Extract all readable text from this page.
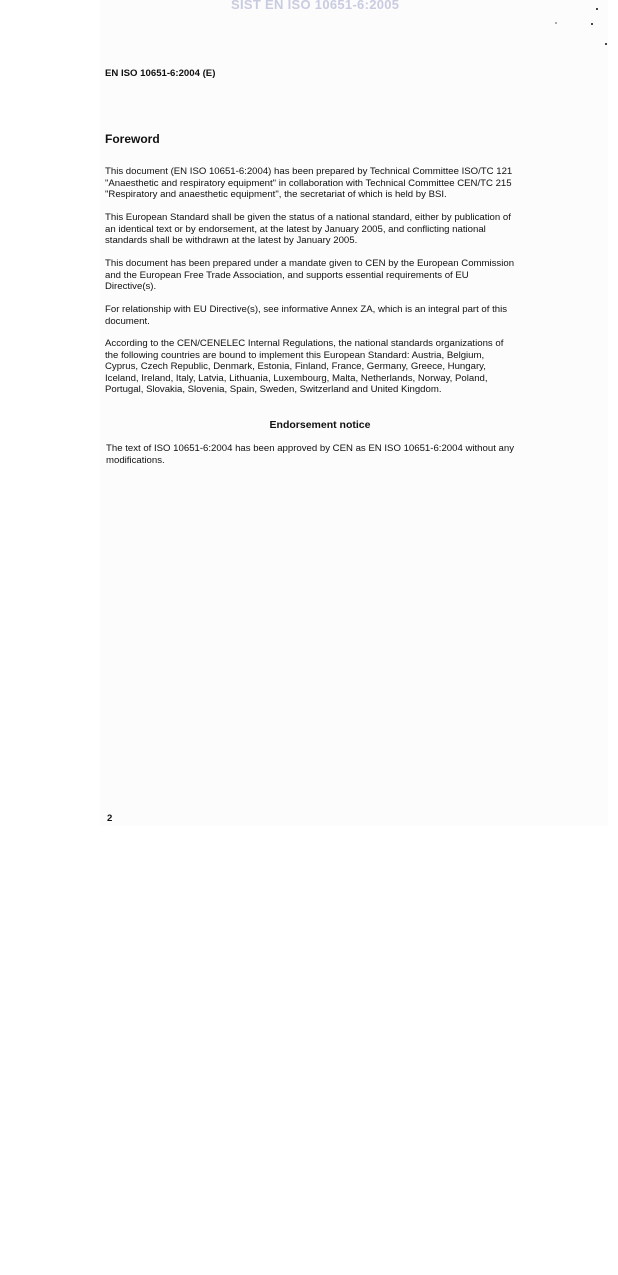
SIST EN ISO 10651-6:2005
EN ISO 10651-6:2004 (E)
Foreword
This document (EN ISO 10651-6:2004) has been prepared by Technical Committee ISO/TC 121
"Anaesthetic and respiratory equipment" in collaboration with Technical Committee CEN/TC 215
"Respiratory and anaesthetic equipment", the secretariat of which is held by BSI.
This European Standard shall be given the status of a national standard, either by publication of
an identical text or by endorsement, at the latest by January 2005, and conflicting national
standards shall be withdrawn at the latest by January 2005.
This document has been prepared under a mandate given to CEN by the European Commission
and the European Free Trade Association, and supports essential requirements of EU
Directive(s).
For relationship with EU Directive(s), see informative Annex ZA, which is an integral part of this
document.
According to the CEN/CENELEC Internal Regulations, the national standards organizations of
the following countries are bound to implement this European Standard: Austria, Belgium,
Cyprus, Czech Republic, Denmark, Estonia, Finland, France, Germany, Greece, Hungary,
Iceland, Ireland, Italy, Latvia, Lithuania, Luxembourg, Malta, Netherlands, Norway, Poland,
Portugal, Slovakia, Slovenia, Spain, Sweden, Switzerland and United Kingdom.
Endorsement notice
The text of ISO 10651-6:2004 has been approved by CEN as EN ISO 10651-6:2004 without any
modifications.
2
